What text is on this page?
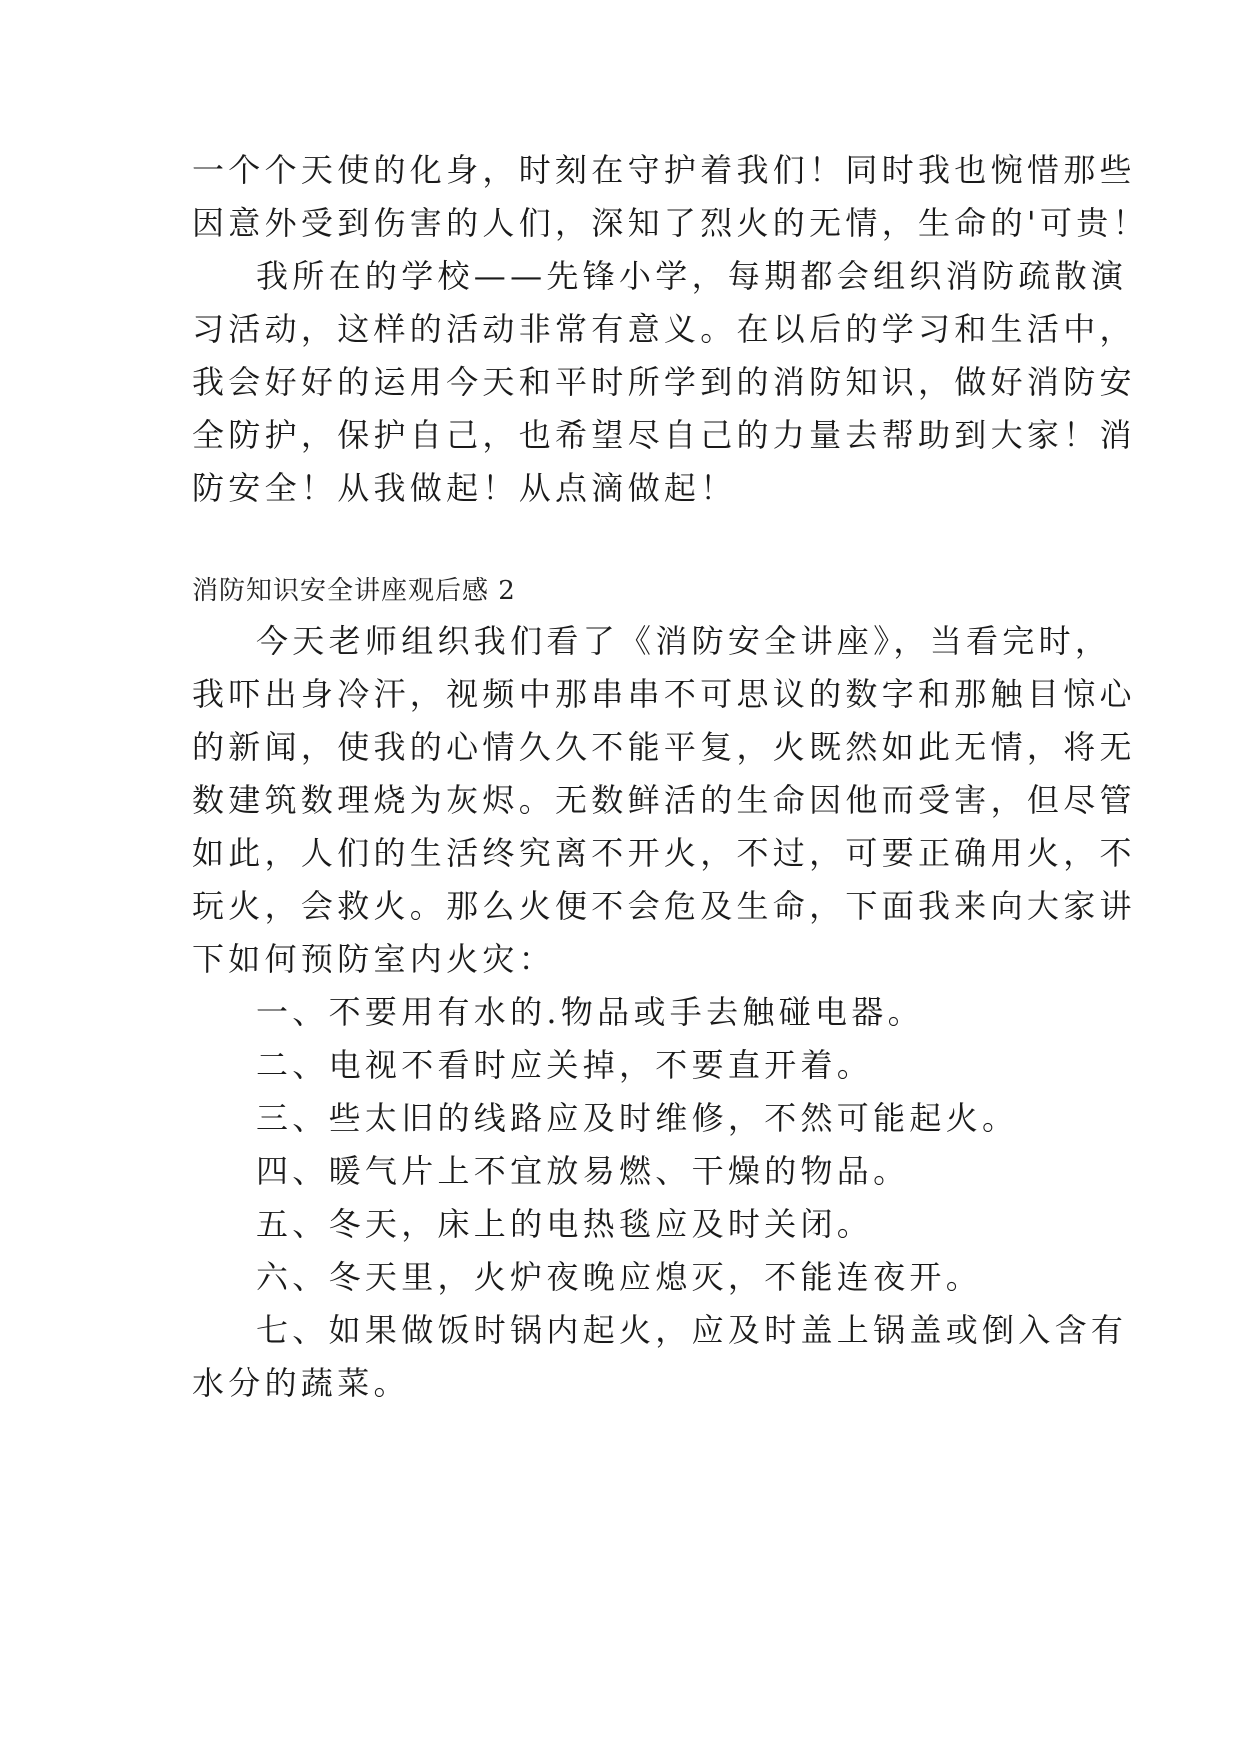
一个个天使的化身，时刻在守护着我们！同时我也惋惜那些
因意外受到伤害的人们，深知了烈火的无情，生命的'可贵！
我所在的学校——先锋小学，每期都会组织消防疏散演
习活动，这样的活动非常有意义。在以后的学习和生活中，
我会好好的运用今天和平时所学到的消防知识，做好消防安
全防护，保护自己，也希望尽自己的力量去帮助到大家！消
防安全！从我做起！从点滴做起！
消防知识安全讲座观后感 2
今天老师组织我们看了《消防安全讲座》，当看完时，
我吓出身冷汗，视频中那串串不可思议的数字和那触目惊心
的新闻，使我的心情久久不能平复，火既然如此无情，将无
数建筑数理烧为灰烬。无数鲜活的生命因他而受害，但尽管
如此，人们的生活终究离不开火，不过，可要正确用火，不
玩火，会救火。那么火便不会危及生命，下面我来向大家讲
下如何预防室内火灾：
一、不要用有水的.物品或手去触碰电器。
二、电视不看时应关掉，不要直开着。
三、些太旧的线路应及时维修，不然可能起火。
四、暖气片上不宜放易燃、干燥的物品。
五、冬天，床上的电热毯应及时关闭。
六、冬天里，火炉夜晚应熄灭，不能连夜开。
七、如果做饭时锅内起火，应及时盖上锅盖或倒入含有
水分的蔬菜。
